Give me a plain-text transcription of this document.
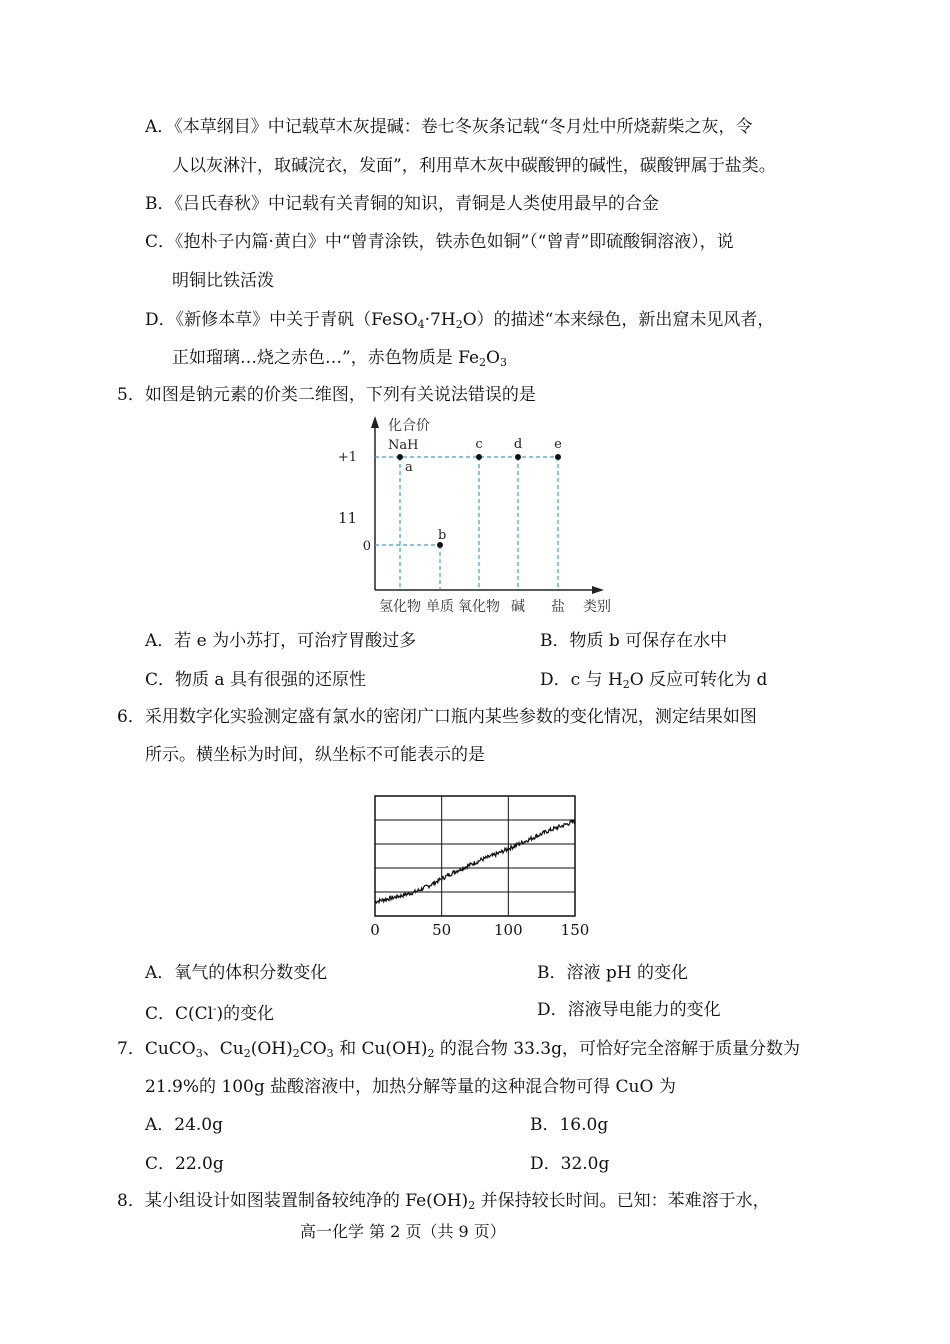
A．《本草纲目》中记载草木灰提碱：卷七冬灰条记载“冬月灶中所烧薪柴之灰，令
人以灰淋汁，取碱浣衣，发面”，利用草木灰中碳酸钾的碱性，碳酸钾属于盐类。
B．《吕氏春秋》中记载有关青铜的知识，青铜是人类使用最早的合金
C．《抱朴子内篇·黄白》中“曾青涂铁，铁赤色如铜”（“曾青”即硫酸铜溶液），说
明铜比铁活泼
D．《新修本草》中关于青矾$(FeSO_4\cdot 7H_2O)$的描述“本来绿色，新出窟未见风者，
正如瑠璃…烧之赤色…”，赤色物质是 $Fe_2O_3$
5．如图是钠元素的价类二维图，下列有关说法错误的是
化合价
类别
11
+1
0
氢化物 单质 氧化物 碱 盐
NaH
a
b
c d e
A．若 e 为小苏打，可治疗胃酸过多	B．物质 b 可保存在水中
C．物质 a 具有很强的还原性	D．c 与 $H_2O$ 反应可转化为 d
6．采用数字化实验测定盛有氯水的密闭广口瓶内某些参数的变化情况，测定结果如图
所示。横坐标为时间，纵坐标不可能表示的是
0	50	100	150
A．氧气的体积分数变化	B．溶液 pH 的变化
C．C(Cl-)的变化	D．溶液导电能力的变化
7．CuCO$_3$、$Cu_2(OH)_2CO_3$ 和 $Cu(OH)_2$ 的混合物 33.3g，可恰好完全溶解于质量分数为
21.9%的 100g 盐酸溶液中，加热分解等量的这种混合物可得 CuO 为
A．24.0g	B．16.0g
C．22.0g	D．32.0g
8．某小组设计如图装置制备较纯净的 $Fe(OH)_2$ 并保持较长时间。已知：苯难溶于水，
高一化学 第 2 页（共 9 页）
